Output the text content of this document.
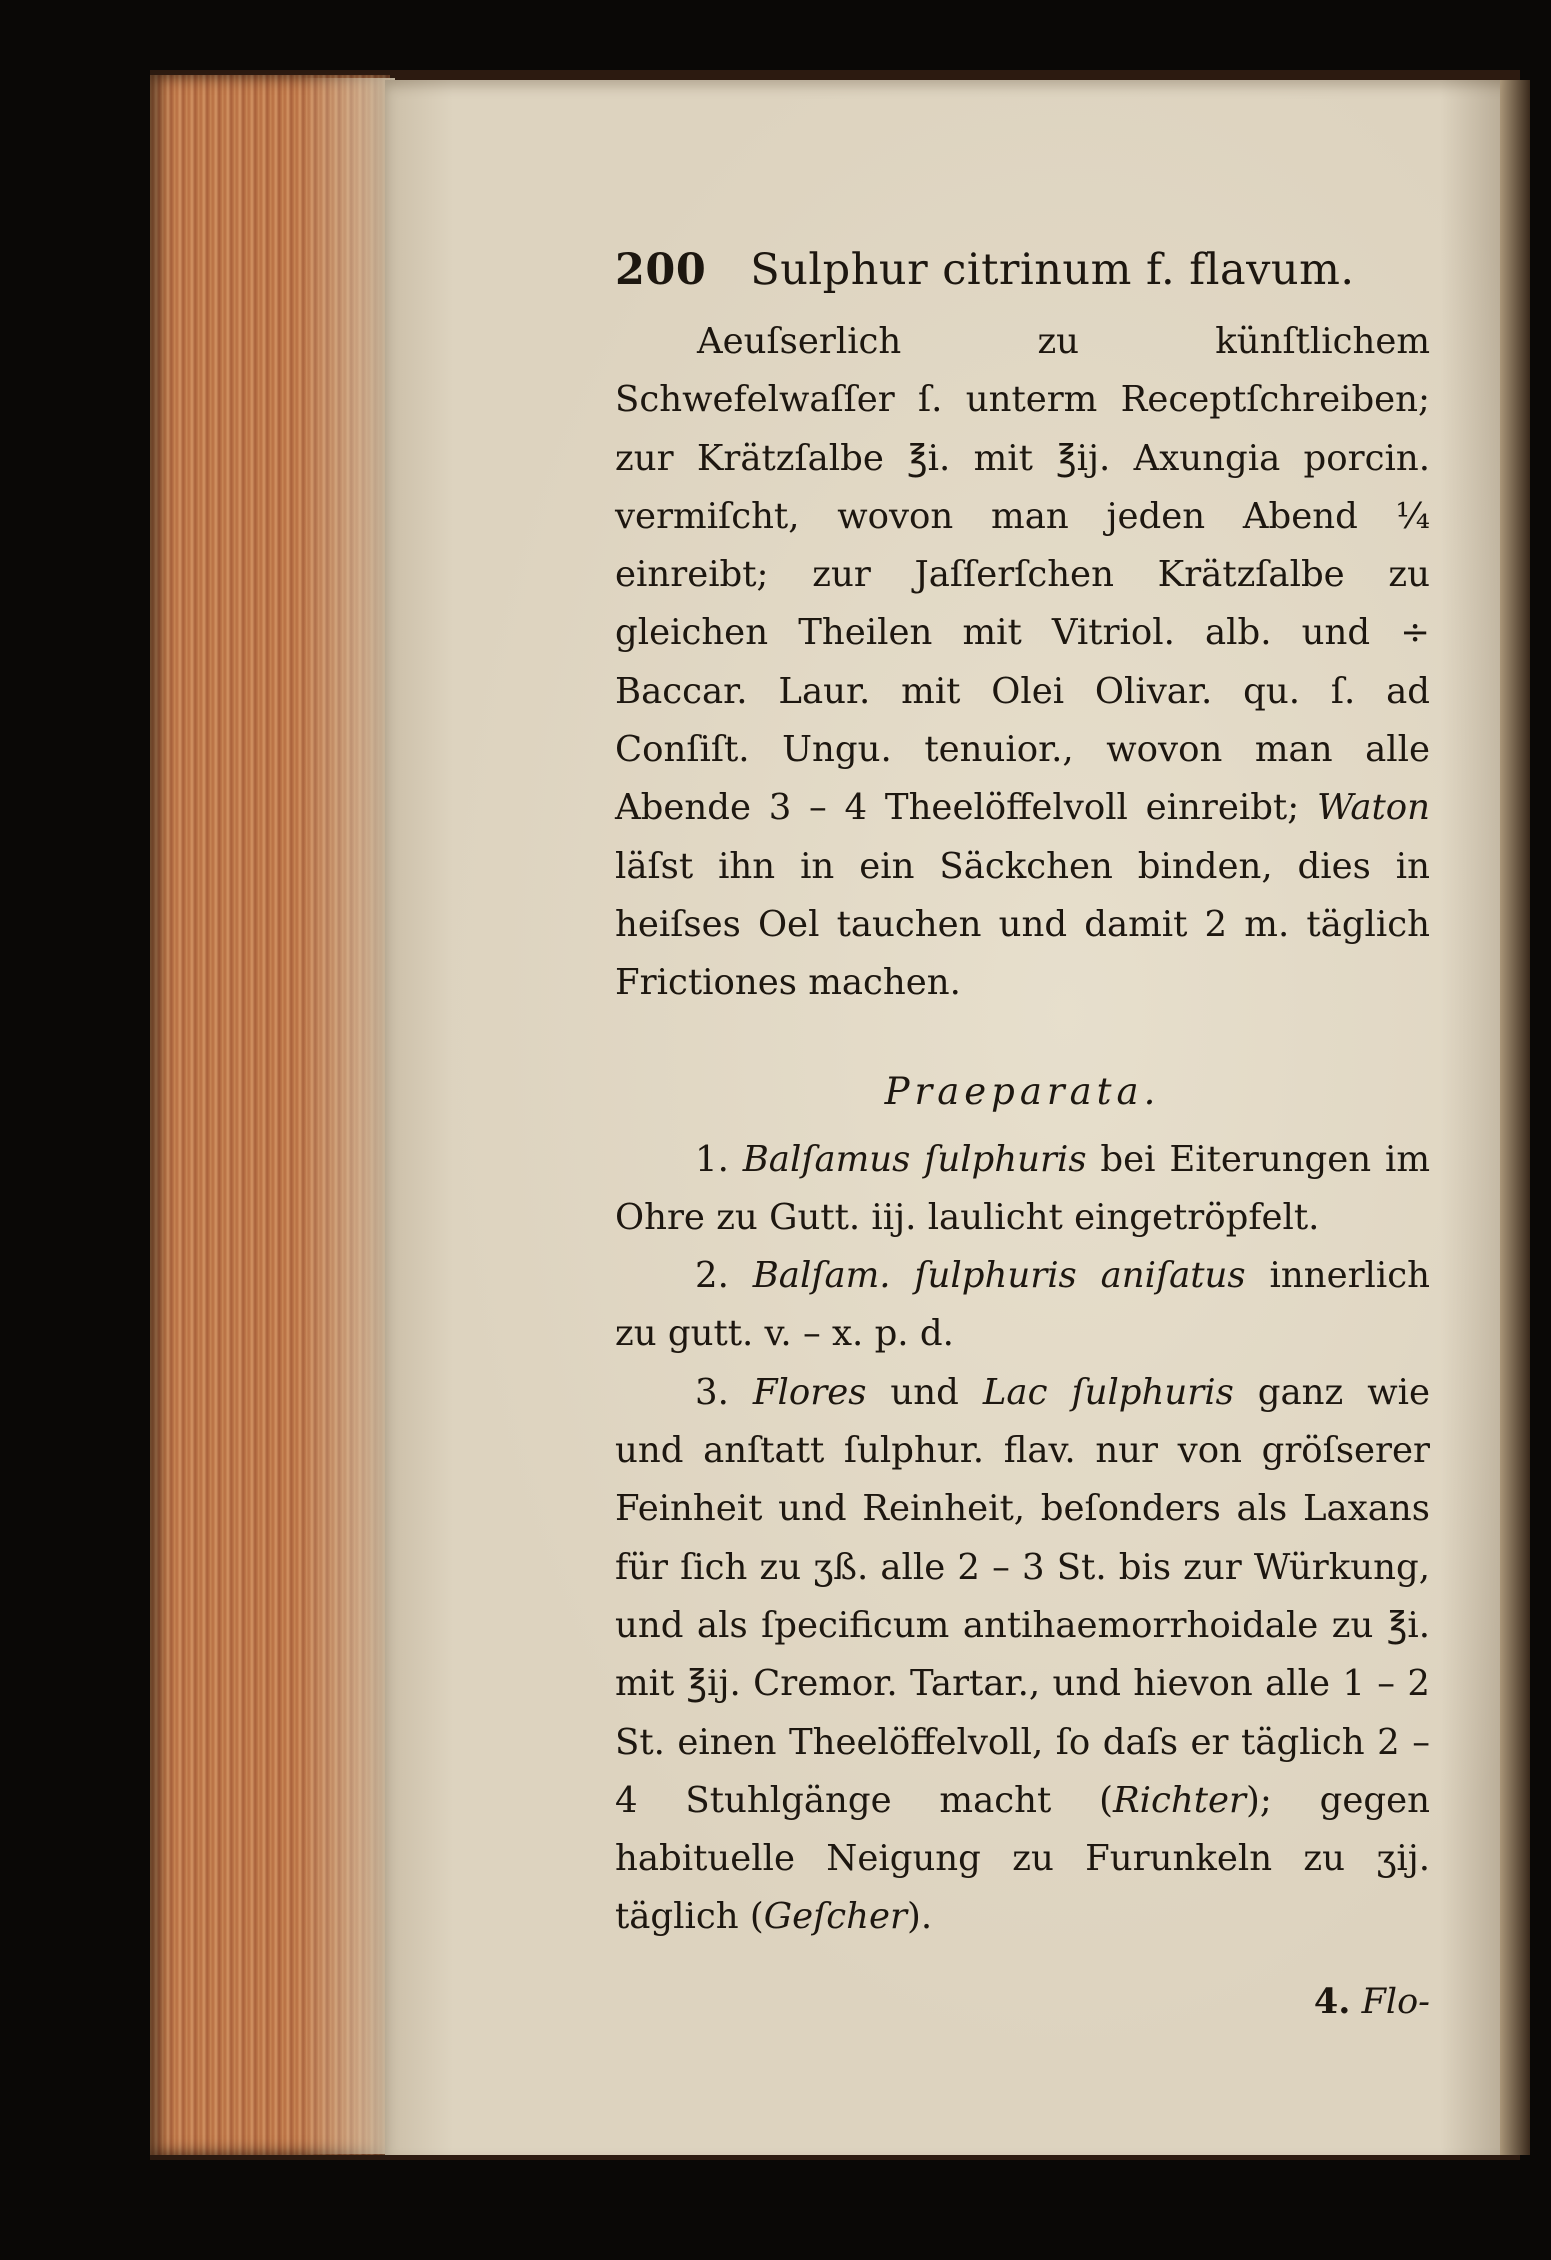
200 Sulphur citrinum f. flavum.

Aeuſserlich zu künſtlichem Schwefelwaſſer ſ. unterm Receptſchreiben; zur Krätzſalbe ℥i. mit ℥ij. Axungia porcin. vermiſcht, wovon man jeden Abend ¼ einreibt; zur Jaſſerſchen Krätzſalbe zu gleichen Theilen mit Vitriol. alb. und ÷ Baccar. Laur. mit Olei Olivar. qu. ſ. ad Conſiſt. Ungu. tenuior., wovon man alle Abende 3 – 4 Theelöffelvoll einreibt; Waton läſst ihn in ein Säckchen binden, dies in heiſses Oel tauchen und damit 2 m. täglich Frictiones machen.

Praeparata.

1. Balſamus ſulphuris bei Eiterungen im Ohre zu Gutt. iij. laulicht eingetröpfelt.

2. Balſam. ſulphuris aniſatus innerlich zu gutt. v. – x. p. d.

3. Flores und Lac ſulphuris ganz wie und anſtatt ſulphur. flav. nur von gröſserer Feinheit und Reinheit, beſonders als Laxans für ſich zu ʒß. alle 2 – 3 St. bis zur Würkung, und als ſpecificum antihaemorrhoidale zu ℥i. mit ℥ij. Cremor. Tartar., und hievon alle 1 – 2 St. einen Theelöffelvoll, ſo daſs er täglich 2 – 4 Stuhlgänge macht (Richter); gegen habituelle Neigung zu Furunkeln zu ʒij. täglich (Geſcher).

4. Flo-
